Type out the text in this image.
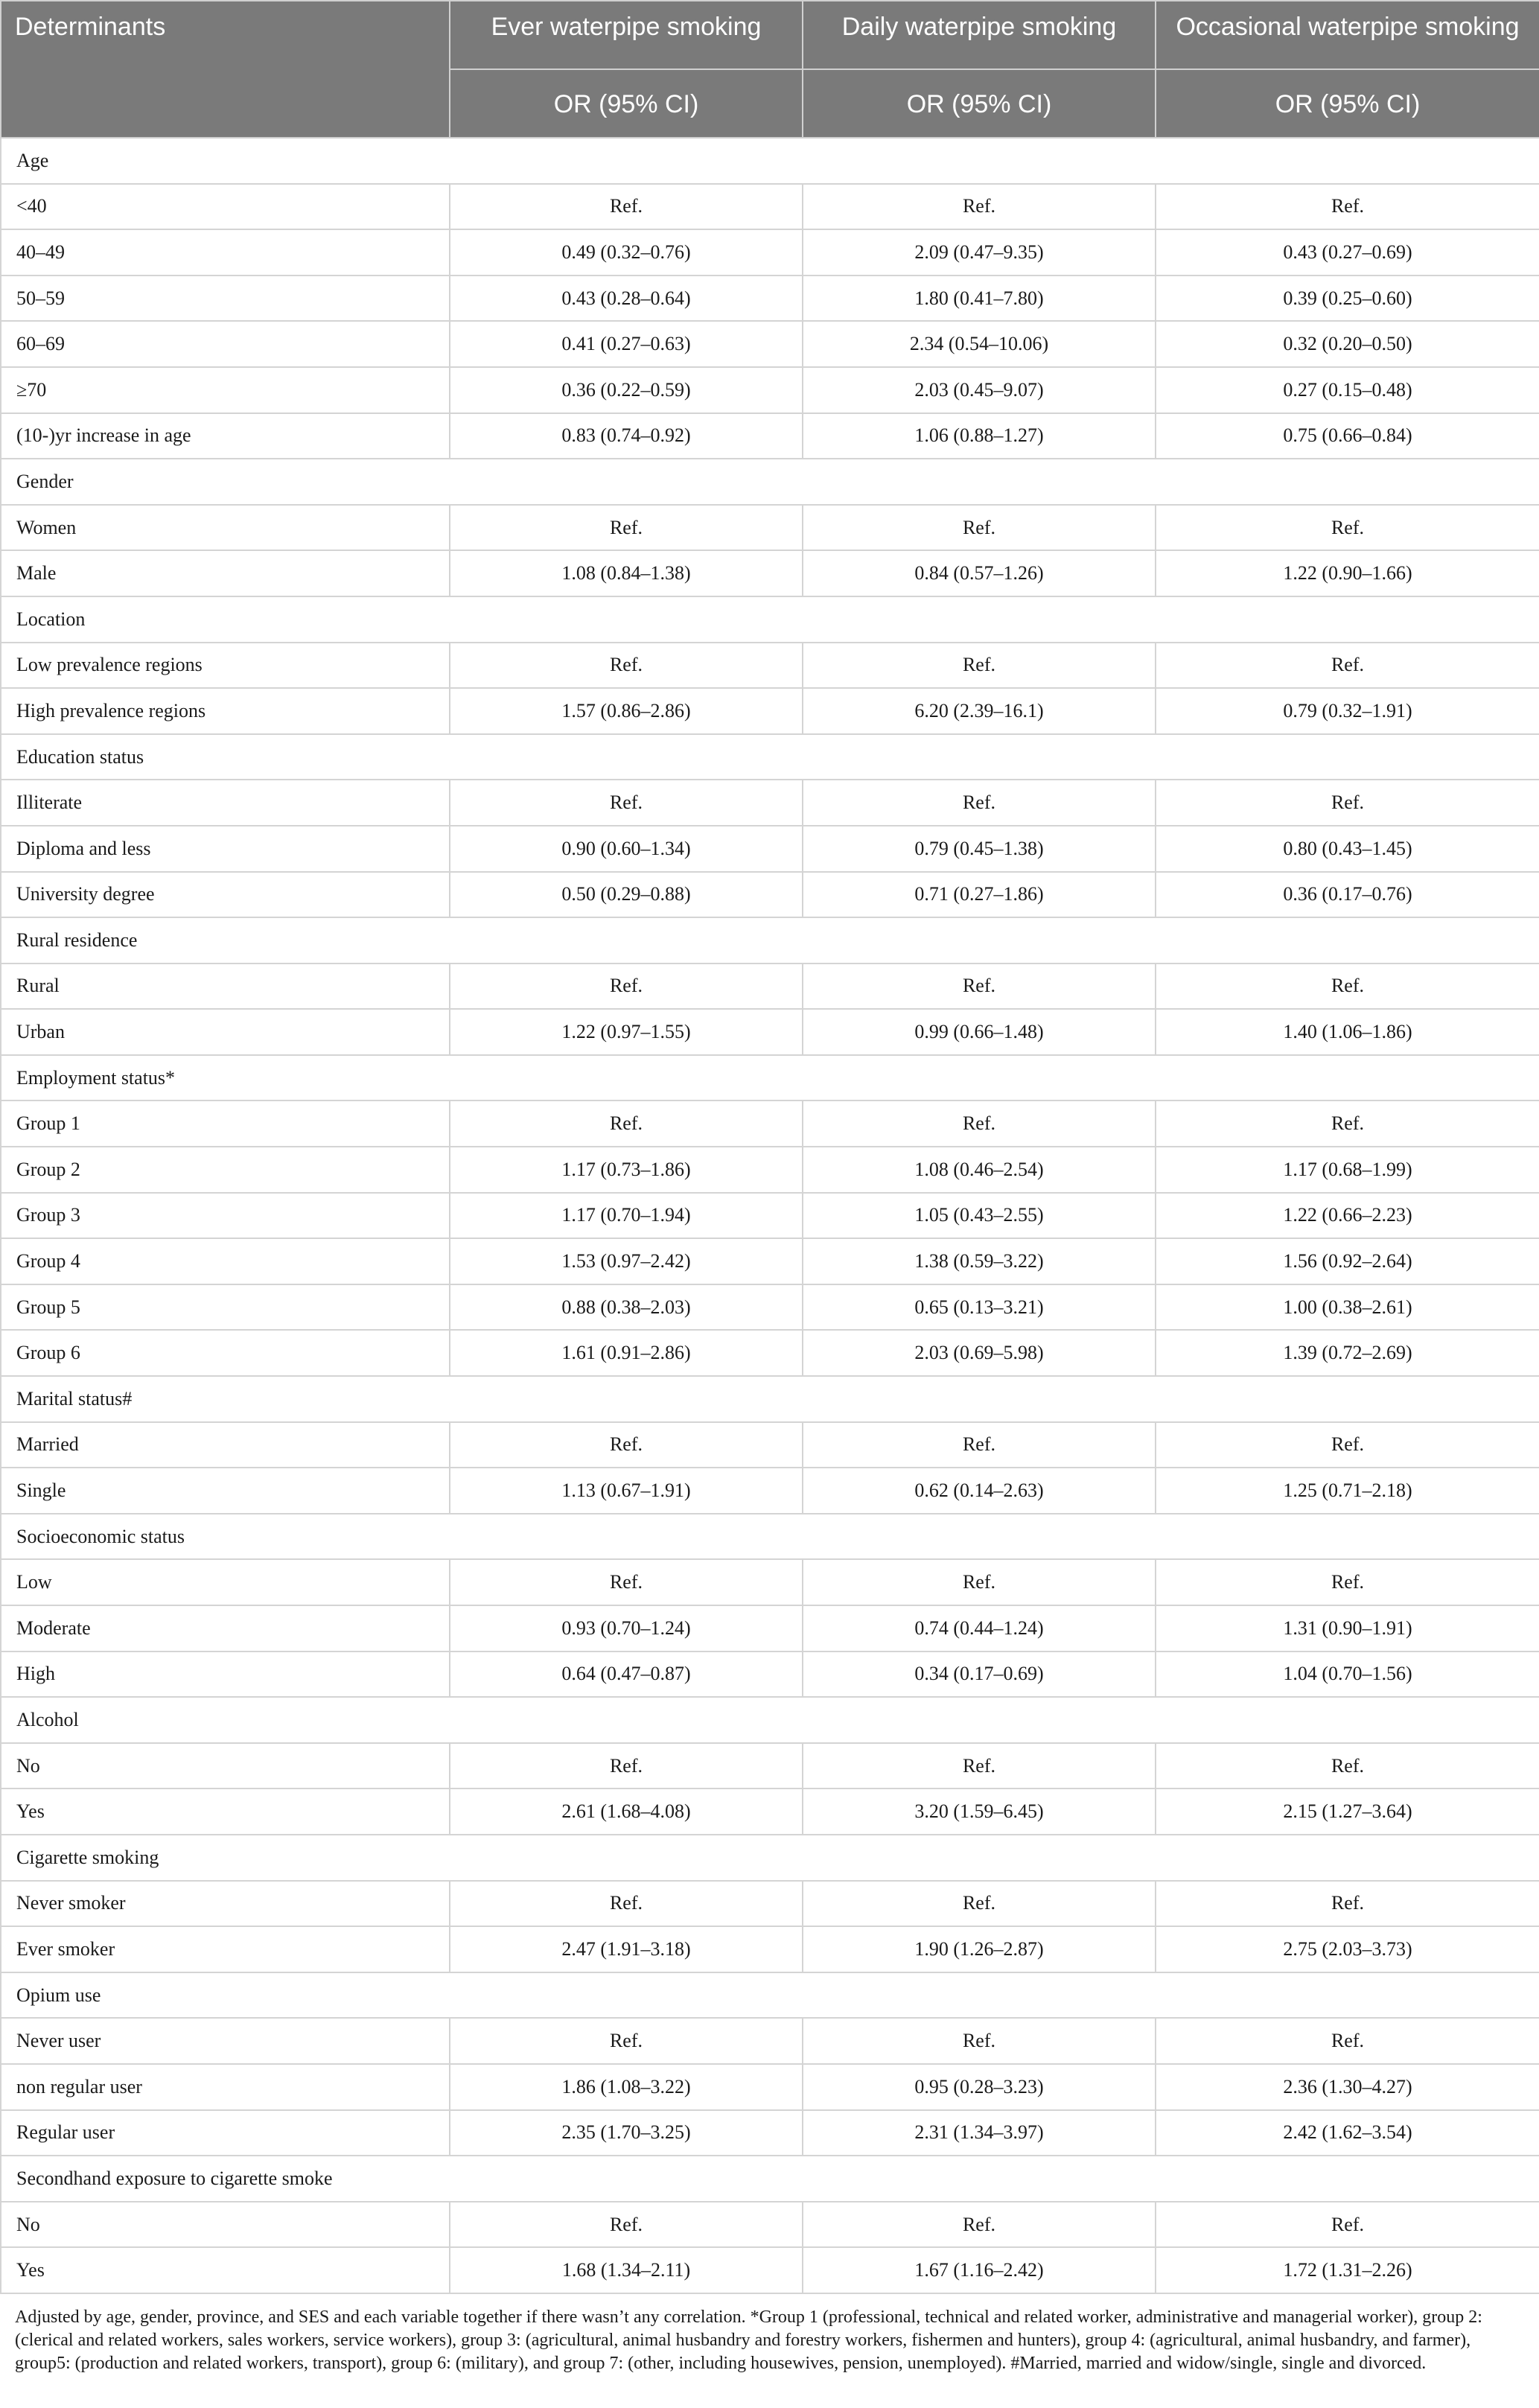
Determinants	Ever waterpipe smoking	Daily waterpipe smoking	Occasional waterpipe smoking
	OR (95% CI)	OR (95% CI)	OR (95% CI)
Age			
<40	Ref.	Ref.	Ref.
40–49	0.49 (0.32–0.76)	2.09 (0.47–9.35)	0.43 (0.27–0.69)
50–59	0.43 (0.28–0.64)	1.80 (0.41–7.80)	0.39 (0.25–0.60)
60–69	0.41 (0.27–0.63)	2.34 (0.54–10.06)	0.32 (0.20–0.50)
≥70	0.36 (0.22–0.59)	2.03 (0.45–9.07)	0.27 (0.15–0.48)
(10-)yr increase in age	0.83 (0.74–0.92)	1.06 (0.88–1.27)	0.75 (0.66–0.84)
Gender			
Women	Ref.	Ref.	Ref.
Male	1.08 (0.84–1.38)	0.84 (0.57–1.26)	1.22 (0.90–1.66)
Location			
Low prevalence regions	Ref.	Ref.	Ref.
High prevalence regions	1.57 (0.86–2.86)	6.20 (2.39–16.1)	0.79 (0.32–1.91)
Education status			
Illiterate	Ref.	Ref.	Ref.
Diploma and less	0.90 (0.60–1.34)	0.79 (0.45–1.38)	0.80 (0.43–1.45)
University degree	0.50 (0.29–0.88)	0.71 (0.27–1.86)	0.36 (0.17–0.76)
Rural residence			
Rural	Ref.	Ref.	Ref.
Urban	1.22 (0.97–1.55)	0.99 (0.66–1.48)	1.40 (1.06–1.86)
Employment status*			
Group 1	Ref.	Ref.	Ref.
Group 2	1.17 (0.73–1.86)	1.08 (0.46–2.54)	1.17 (0.68–1.99)
Group 3	1.17 (0.70–1.94)	1.05 (0.43–2.55)	1.22 (0.66–2.23)
Group 4	1.53 (0.97–2.42)	1.38 (0.59–3.22)	1.56 (0.92–2.64)
Group 5	0.88 (0.38–2.03)	0.65 (0.13–3.21)	1.00 (0.38–2.61)
Group 6	1.61 (0.91–2.86)	2.03 (0.69–5.98)	1.39 (0.72–2.69)
Marital status#			
Married	Ref.	Ref.	Ref.
Single	1.13 (0.67–1.91)	0.62 (0.14–2.63)	1.25 (0.71–2.18)
Socioeconomic status			
Low	Ref.	Ref.	Ref.
Moderate	0.93 (0.70–1.24)	0.74 (0.44–1.24)	1.31 (0.90–1.91)
High	0.64 (0.47–0.87)	0.34 (0.17–0.69)	1.04 (0.70–1.56)
Alcohol			
No	Ref.	Ref.	Ref.
Yes	2.61 (1.68–4.08)	3.20 (1.59–6.45)	2.15 (1.27–3.64)
Cigarette smoking			
Never smoker	Ref.	Ref.	Ref.
Ever smoker	2.47 (1.91–3.18)	1.90 (1.26–2.87)	2.75 (2.03–3.73)
Opium use			
Never user	Ref.	Ref.	Ref.
non regular user	1.86 (1.08–3.22)	0.95 (0.28–3.23)	2.36 (1.30–4.27)
Regular user	2.35 (1.70–3.25)	2.31 (1.34–3.97)	2.42 (1.62–3.54)
Secondhand exposure to cigarette smoke			
No	Ref.	Ref.	Ref.
Yes	1.68 (1.34–2.11)	1.67 (1.16–2.42)	1.72 (1.31–2.26)
Adjusted by age, gender, province, and SES and each variable together if there wasn’t any correlation. *Group 1 (professional, technical and related worker, administrative and managerial worker), group 2: (clerical and related workers, sales workers, service workers), group 3: (agricultural, animal husbandry and forestry workers, fishermen and hunters), group 4: (agricultural, animal husbandry, and farmer), group5: (production and related workers, transport), group 6: (military), and group 7: (other, including housewives, pension, unemployed). #Married, married and widow/single, single and divorced.
